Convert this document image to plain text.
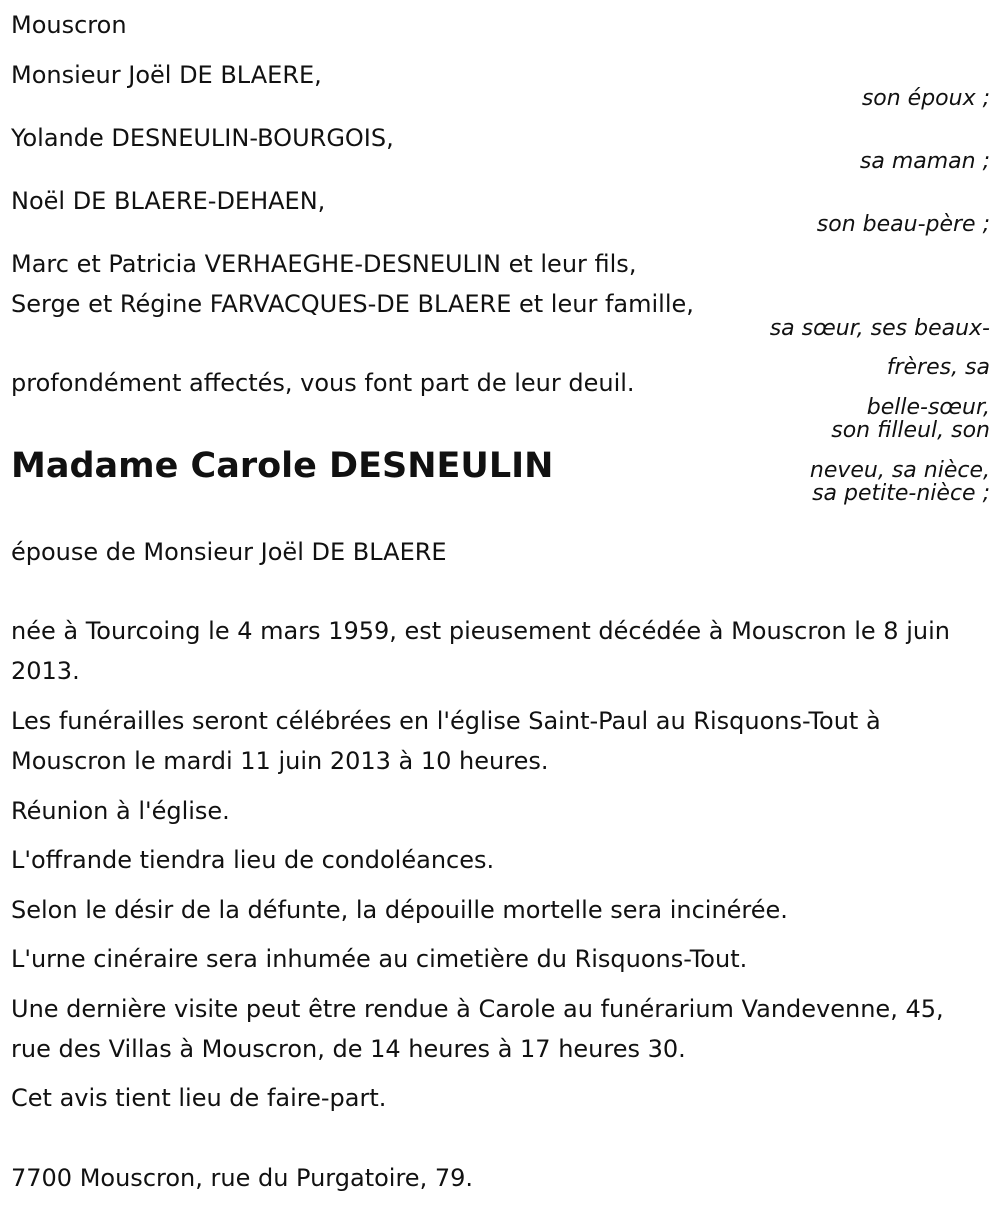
Mouscron
Monsieur Joël DE BLAERE,
son époux ;
Yolande DESNEULIN-BOURGOIS,
sa maman ;
Noël DE BLAERE-DEHAEN,
son beau-père ;
Marc et Patricia VERHAEGHE-DESNEULIN et leur fils,
Serge et Régine FARVACQUES-DE BLAERE et leur famille,
sa sœur, ses beaux-
frères, sa
belle-sœur,
son filleul, son
neveu, sa nièce,
sa petite-nièce ;
profondément affectés, vous font part de leur deuil.
Madame Carole DESNEULIN
épouse de Monsieur Joël DE BLAERE
née à Tourcoing le 4 mars 1959, est pieusement décédée à Mouscron le 8 juin 2013.
Les funérailles seront célébrées en l'église Saint-Paul au Risquons-Tout à Mouscron le mardi 11 juin 2013 à 10 heures.
Réunion à l'église.
L'offrande tiendra lieu de condoléances.
Selon le désir de la défunte, la dépouille mortelle sera incinérée.
L'urne cinéraire sera inhumée au cimetière du Risquons-Tout.
Une dernière visite peut être rendue à Carole au funérarium Vandevenne, 45, rue des Villas à Mouscron, de 14 heures à 17 heures 30.
Cet avis tient lieu de faire-part.
7700 Mouscron, rue du Purgatoire, 79.
